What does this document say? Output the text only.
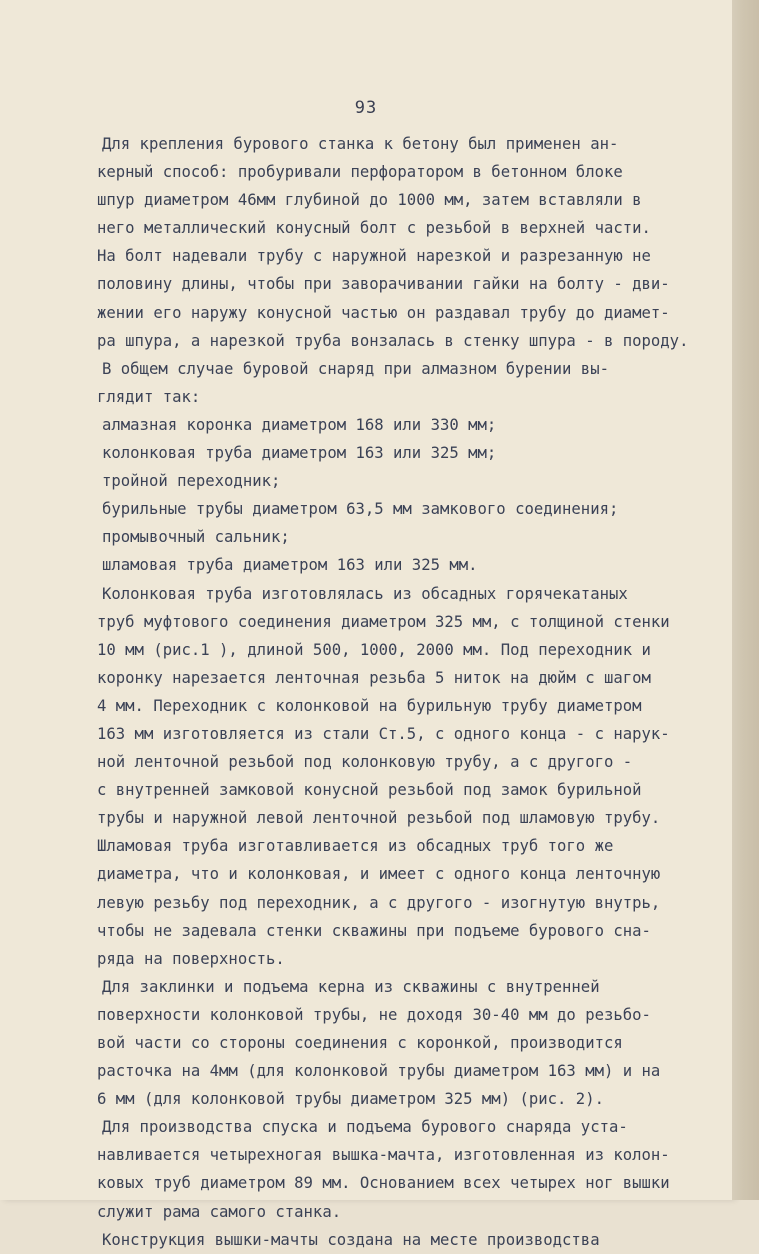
93
Для крепления бурового станка к бетону был применен ан-
керный способ: пробуривали перфоратором в бетонном блоке
шпур диаметром 46мм глубиной до 1000 мм, затем вставляли в
него металлический конусный болт с резьбой в верхней части.
На болт надевали трубу с наружной нарезкой и разрезанную не
половину длины, чтобы при заворачивании гайки на болту - дви-
жении его наружу конусной частью он раздавал трубу до диамет-
ра шпура, а нарезкой труба вонзалась в стенку шпура - в породу.
В общем случае буровой снаряд при алмазном бурении вы-
глядит так:
алмазная коронка диаметром 168 или 330 мм;
колонковая труба диаметром 163 или 325 мм;
тройной переходник;
бурильные трубы диаметром 63,5 мм замкового соединения;
промывочный сальник;
шламовая труба диаметром 163 или 325 мм.
Колонковая труба изготовлялась из обсадных горячекатаных
труб муфтового соединения диаметром 325 мм, с толщиной стенки
10 мм (рис.1 ), длиной 500, 1000, 2000 мм. Под переходник и
коронку нарезается ленточная резьба 5 ниток на дюйм с шагом
4 мм. Переходник с колонковой на бурильную трубу диаметром
163 мм изготовляется из стали Ст.5, с одного конца - с нарук-
ной ленточной резьбой под колонковую трубу, а с другого -
с внутренней замковой конусной резьбой под замок бурильной
трубы и наружной левой ленточной резьбой под шламовую трубу.
Шламовая труба изготавливается из обсадных труб того же
диаметра, что и колонковая, и имеет с одного конца ленточную
левую резьбу под переходник, а с другого - изогнутую внутрь,
чтобы не задевала стенки скважины при подъеме бурового сна-
ряда на поверхность.
Для заклинки и подъема керна из скважины с внутренней
поверхности колонковой трубы, не доходя 30-40 мм до резьбо-
вой части со стороны соединения с коронкой, производится
расточка на 4мм (для колонковой трубы диаметром 163 мм) и на
6 мм (для колонковой трубы диаметром 325 мм) (рис. 2).
Для производства спуска и подъема бурового снаряда уста-
навливается четырехногая вышка-мачта, изготовленная из колон-
ковых труб диаметром 89 мм. Основанием всех четырех ног вышки
служит рама самого станка.
Конструкция вышки-мачты создана на месте производства
